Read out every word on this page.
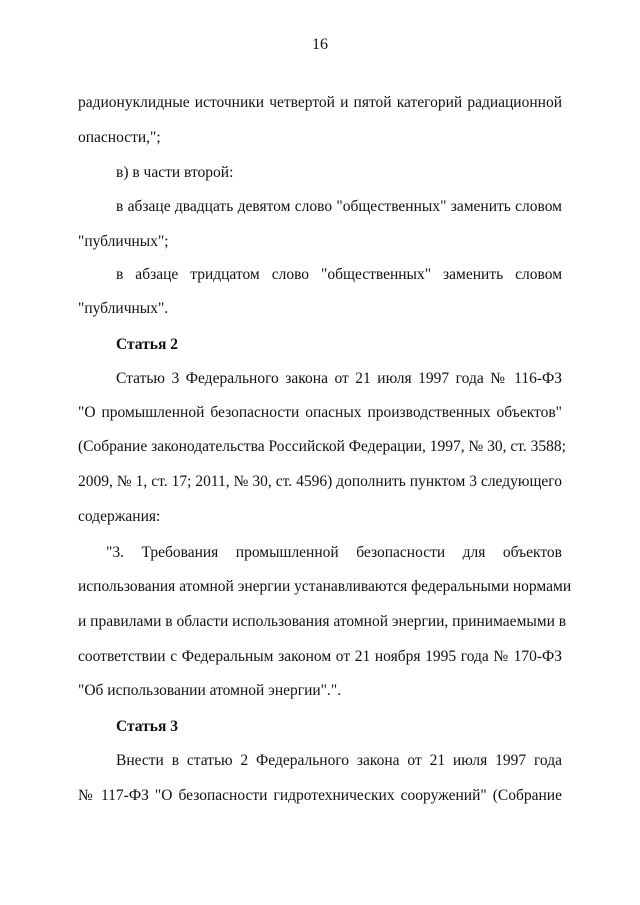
16
радионуклидные источники четвертой и пятой категорий радиационной
опасности,";
в) в части второй:
в абзаце двадцать девятом слово "общественных" заменить словом
"публичных";
в абзаце тридцатом слово "общественных" заменить словом
"публичных".
Статья 2
Статью 3 Федерального закона от 21 июля 1997 года № 116-ФЗ
"О промышленной безопасности опасных производственных объектов"
(Собрание законодательства Российской Федерации, 1997, № 30, ст. 3588;
2009, № 1, ст. 17; 2011, № 30, ст. 4596) дополнить пунктом 3 следующего
содержания:
"3. Требования промышленной безопасности для объектов
использования атомной энергии устанавливаются федеральными нормами
и правилами в области использования атомной энергии, принимаемыми в
соответствии с Федеральным законом от 21 ноября 1995 года № 170-ФЗ
"Об использовании атомной энергии".".
Статья 3
Внести в статью 2 Федерального закона от 21 июля 1997 года
№ 117-ФЗ "О безопасности гидротехнических сооружений" (Собрание
